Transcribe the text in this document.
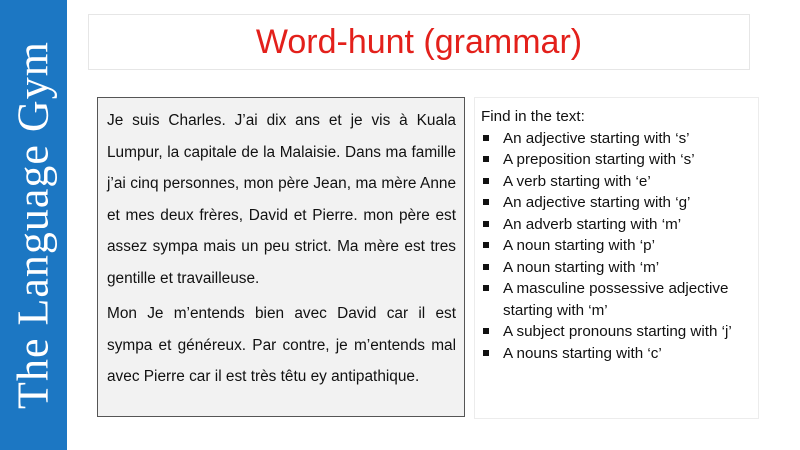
The Language Gym	Word-hunt (grammar)

Je suis Charles. J’ai dix ans et je vis à Kuala Lumpur, la capitale de la Malaisie. Dans ma famille j’ai cinq personnes, mon père Jean, ma mère Anne et mes deux frères, David et Pierre. mon père est assez sympa mais un peu strict. Ma mère est tres gentille et travailleuse.

Mon Je m’entends bien avec David car il est sympa et généreux. Par contre, je m’entends mal avec Pierre car il est très têtu ey antipathique.

Find in the text:
An adjective starting with ‘s’
A preposition starting with ‘s’
A verb starting with ‘e’
An adjective starting with ‘g’
An adverb starting with ‘m’
A noun starting with ‘p’
A noun starting with ‘m’
A masculine possessive adjective starting with ‘m’
A subject pronouns starting with ‘j’
A nouns starting with ‘c’
